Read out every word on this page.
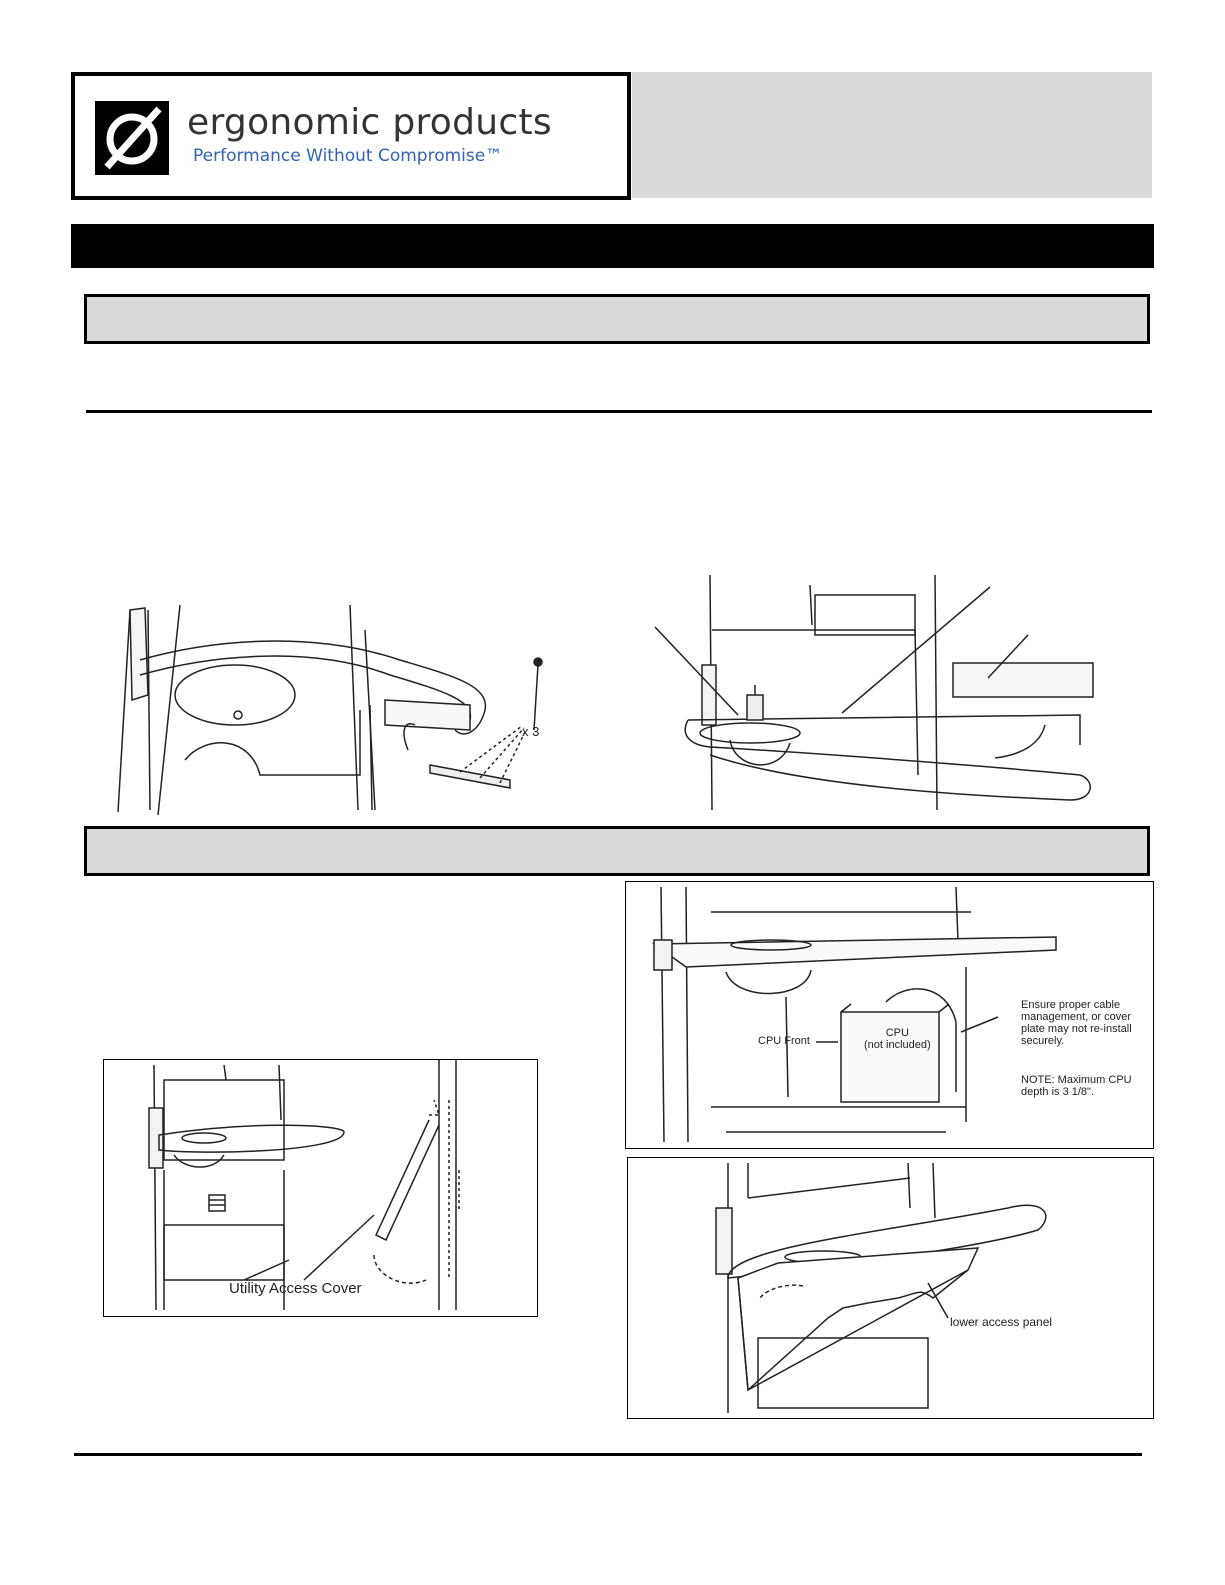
ergonomic products
Performance Without Compromise™
x 3
Utility Access Cover
CPU Front
CPU
(not included)
Ensure proper cable
management, or cover
plate may not re-install
securely.
NOTE: Maximum CPU
depth is 3 1/8".
lower access panel
